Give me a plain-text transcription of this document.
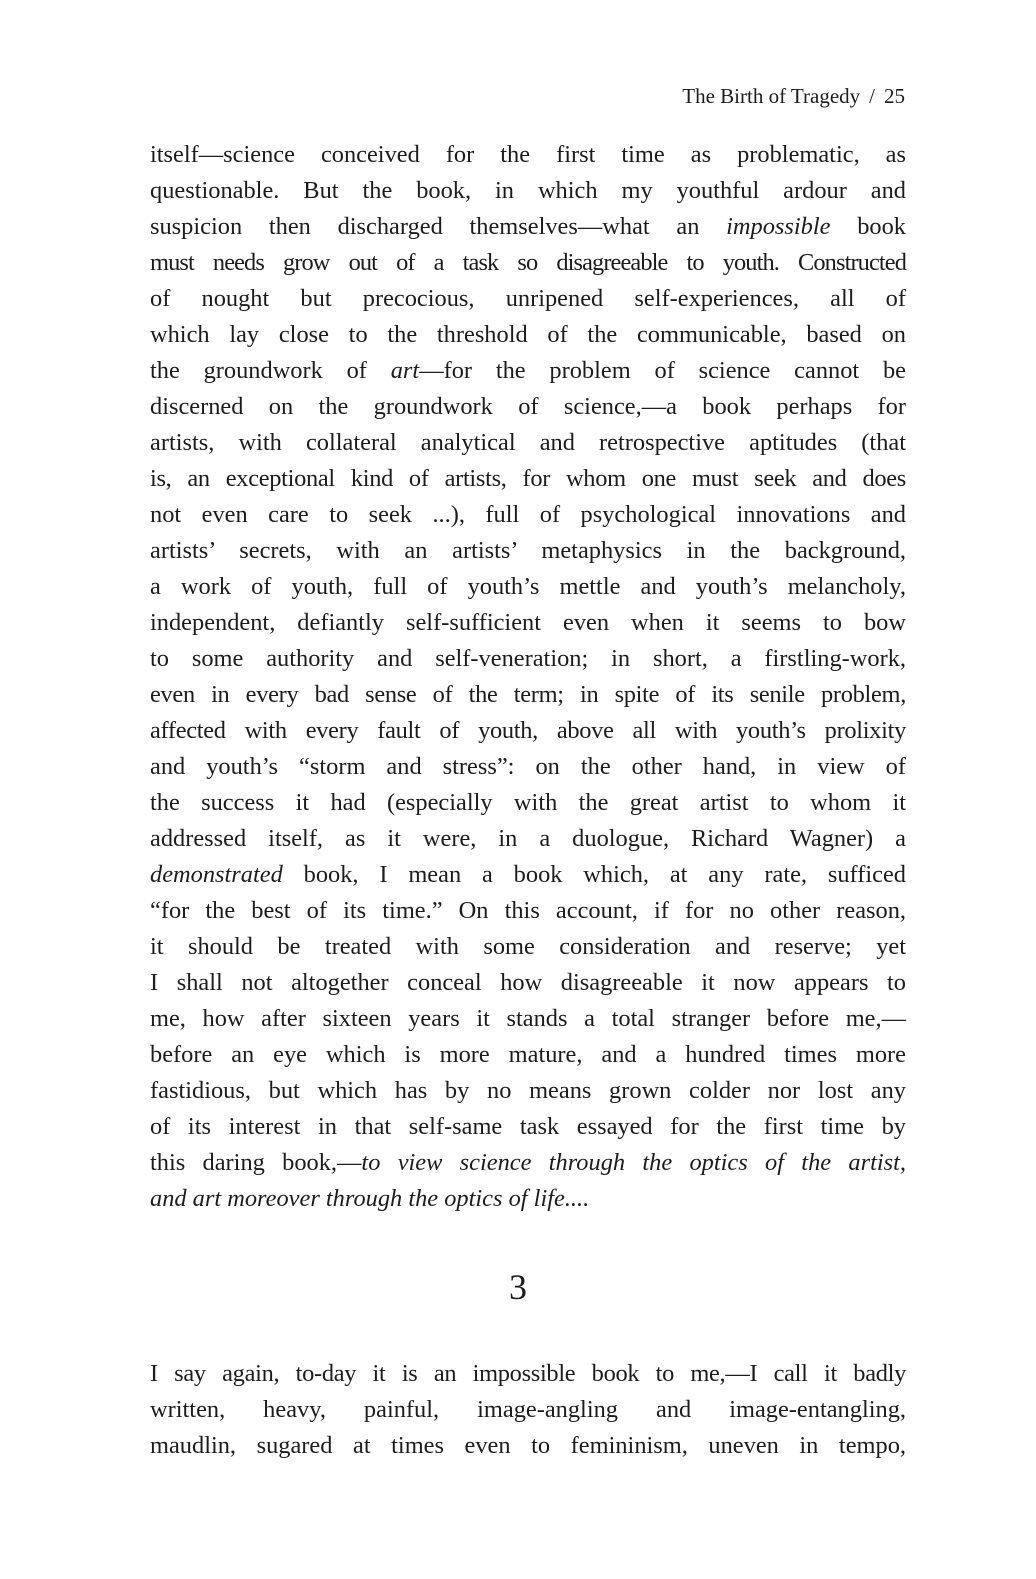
The Birth of Tragedy / 25
itself—science conceived for the first time as problematic, as
questionable. But the book, in which my youthful ardour and
suspicion then discharged themselves—what an impossible book
must needs grow out of a task so disagreeable to youth. Constructed
of nought but precocious, unripened self-experiences, all of
which lay close to the threshold of the communicable, based on
the groundwork of art—for the problem of science cannot be
discerned on the groundwork of science,—a book perhaps for
artists, with collateral analytical and retrospective aptitudes (that
is, an exceptional kind of artists, for whom one must seek and does
not even care to seek ...), full of psychological innovations and
artists’ secrets, with an artists’ metaphysics in the background,
a work of youth, full of youth’s mettle and youth’s melancholy,
independent, defiantly self-sufficient even when it seems to bow
to some authority and self-veneration; in short, a firstling-work,
even in every bad sense of the term; in spite of its senile problem,
affected with every fault of youth, above all with youth’s prolixity
and youth’s “storm and stress”: on the other hand, in view of
the success it had (especially with the great artist to whom it
addressed itself, as it were, in a duologue, Richard Wagner) a
demonstrated book, I mean a book which, at any rate, sufficed
“for the best of its time.” On this account, if for no other reason,
it should be treated with some consideration and reserve; yet
I shall not altogether conceal how disagreeable it now appears to
me, how after sixteen years it stands a total stranger before me,—
before an eye which is more mature, and a hundred times more
fastidious, but which has by no means grown colder nor lost any
of its interest in that self-same task essayed for the first time by
this daring book,—to view science through the optics of the artist,
and art moreover through the optics of life....
3
I say again, to-day it is an impossible book to me,—I call it badly
written, heavy, painful, image-angling and image-entangling,
maudlin, sugared at times even to femininism, uneven in tempo,
